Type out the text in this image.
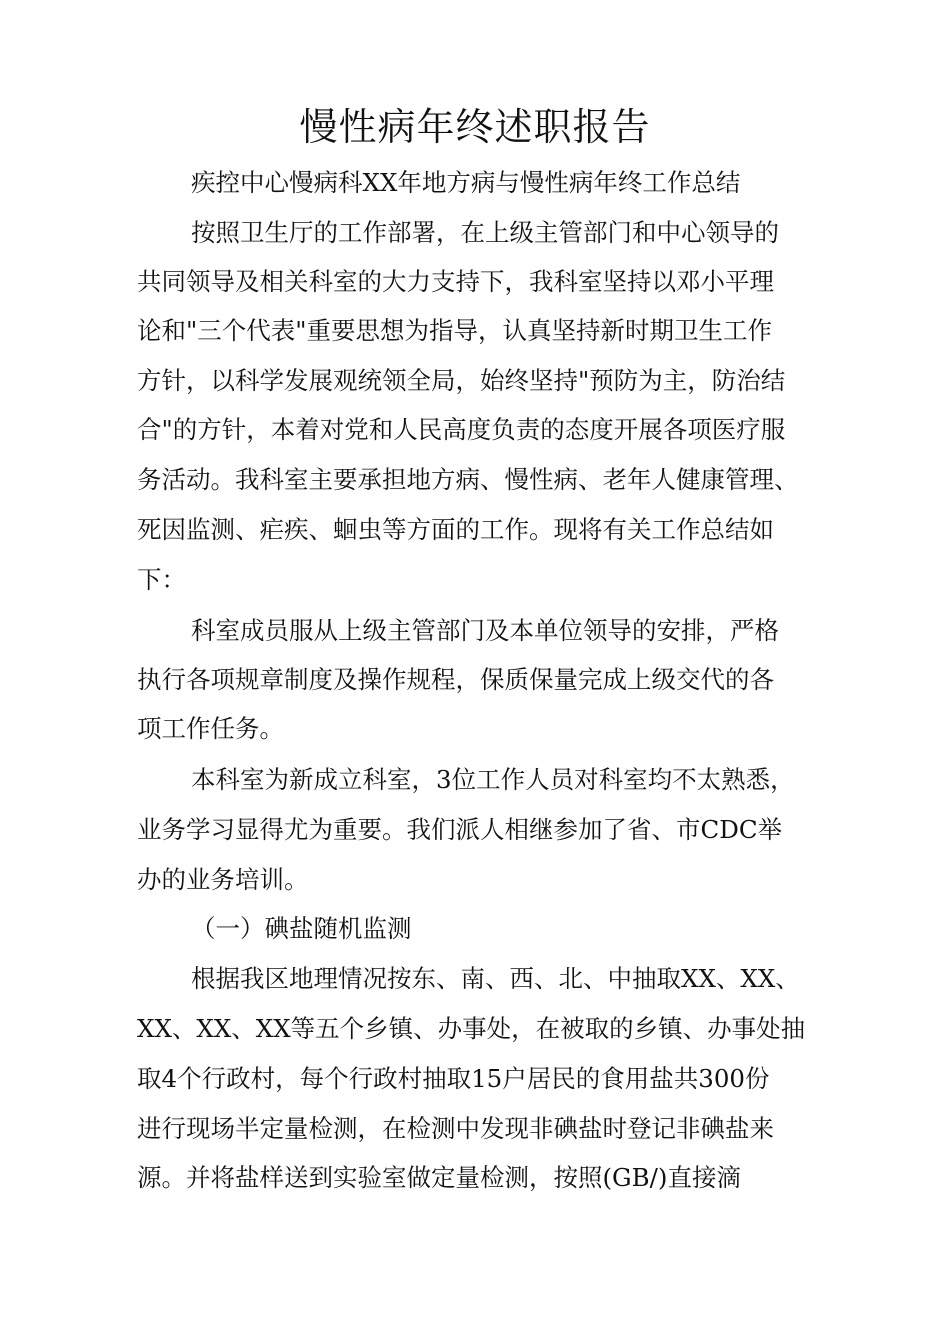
慢性病年终述职报告

疾控中心慢病科XX年地方病与慢性病年终工作总结

按照卫生厅的工作部署，在上级主管部门和中心领导的

共同领导及相关科室的大力支持下，我科室坚持以邓小平理

论和"三个代表"重要思想为指导，认真坚持新时期卫生工作

方针，以科学发展观统领全局，始终坚持"预防为主，防治结

合"的方针，本着对党和人民高度负责的态度开展各项医疗服

务活动。我科室主要承担地方病、慢性病、老年人健康管理、

死因监测、疟疾、蛔虫等方面的工作。现将有关工作总结如

下：

科室成员服从上级主管部门及本单位领导的安排，严格

执行各项规章制度及操作规程，保质保量完成上级交代的各

项工作任务。

本科室为新成立科室，3位工作人员对科室均不太熟悉，

业务学习显得尤为重要。我们派人相继参加了省、市CDC举

办的业务培训。

（一）碘盐随机监测

根据我区地理情况按东、南、西、北、中抽取XX、XX、

XX、XX、XX等五个乡镇、办事处，在被取的乡镇、办事处抽

取4个行政村，每个行政村抽取15户居民的食用盐共300份

进行现场半定量检测，在检测中发现非碘盐时登记非碘盐来

源。并将盐样送到实验室做定量检测，按照(GB/)直接滴
